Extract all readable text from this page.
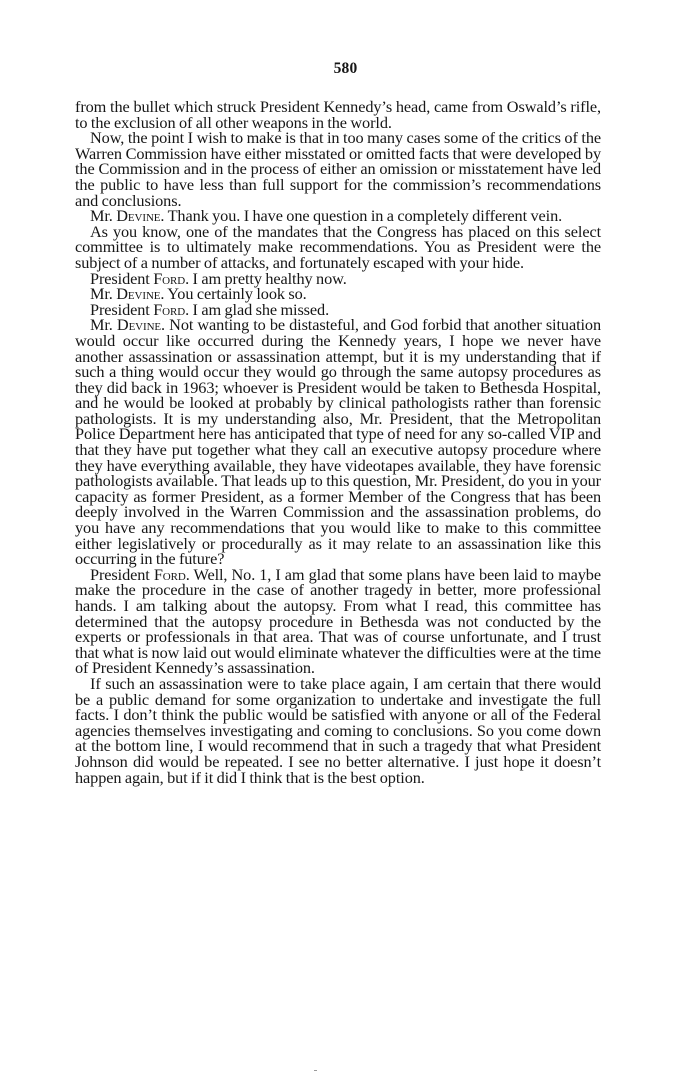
580

from the bullet which struck President Kennedy’s head, came from Oswald’s rifle, to the exclusion of all other weapons in the world.

Now, the point I wish to make is that in too many cases some of the critics of the Warren Commission have either misstated or omitted facts that were developed by the Commission and in the process of either an omission or misstatement have led the public to have less than full support for the commission’s recommendations and conclusions.

Mr. Devine. Thank you. I have one question in a completely different vein.

As you know, one of the mandates that the Congress has placed on this select committee is to ultimately make recommendations. You as President were the subject of a number of attacks, and fortunately escaped with your hide.

President Ford. I am pretty healthy now.

Mr. Devine. You certainly look so.

President Ford. I am glad she missed.

Mr. Devine. Not wanting to be distasteful, and God forbid that another situation would occur like occurred during the Kennedy years, I hope we never have another assassination or assassination attempt, but it is my understanding that if such a thing would occur they would go through the same autopsy procedures as they did back in 1963; whoever is President would be taken to Bethesda Hospital, and he would be looked at probably by clinical pathologists rather than forensic pathologists. It is my understanding also, Mr. President, that the Metropolitan Police Department here has anticipated that type of need for any so-called VIP and that they have put together what they call an executive autopsy procedure where they have everything available, they have videotapes available, they have forensic pathologists available. That leads up to this question, Mr. President, do you in your capacity as former President, as a former Member of the Congress that has been deeply involved in the Warren Commission and the assassination problems, do you have any recommendations that you would like to make to this committee either legislatively or procedurally as it may relate to an assassination like this occurring in the future?

President Ford. Well, No. 1, I am glad that some plans have been laid to maybe make the procedure in the case of another tragedy in better, more professional hands. I am talking about the autopsy. From what I read, this committee has determined that the autopsy procedure in Bethesda was not conducted by the experts or professionals in that area. That was of course unfortunate, and I trust that what is now laid out would eliminate whatever the difficulties were at the time of President Kennedy’s assassination.

If such an assassination were to take place again, I am certain that there would be a public demand for some organization to undertake and investigate the full facts. I don’t think the public would be satisfied with anyone or all of the Federal agencies themselves investigating and coming to conclusions. So you come down at the bottom line, I would recommend that in such a tragedy that what President Johnson did would be repeated. I see no better alternative. I just hope it doesn’t happen again, but if it did I think that is the best option.
